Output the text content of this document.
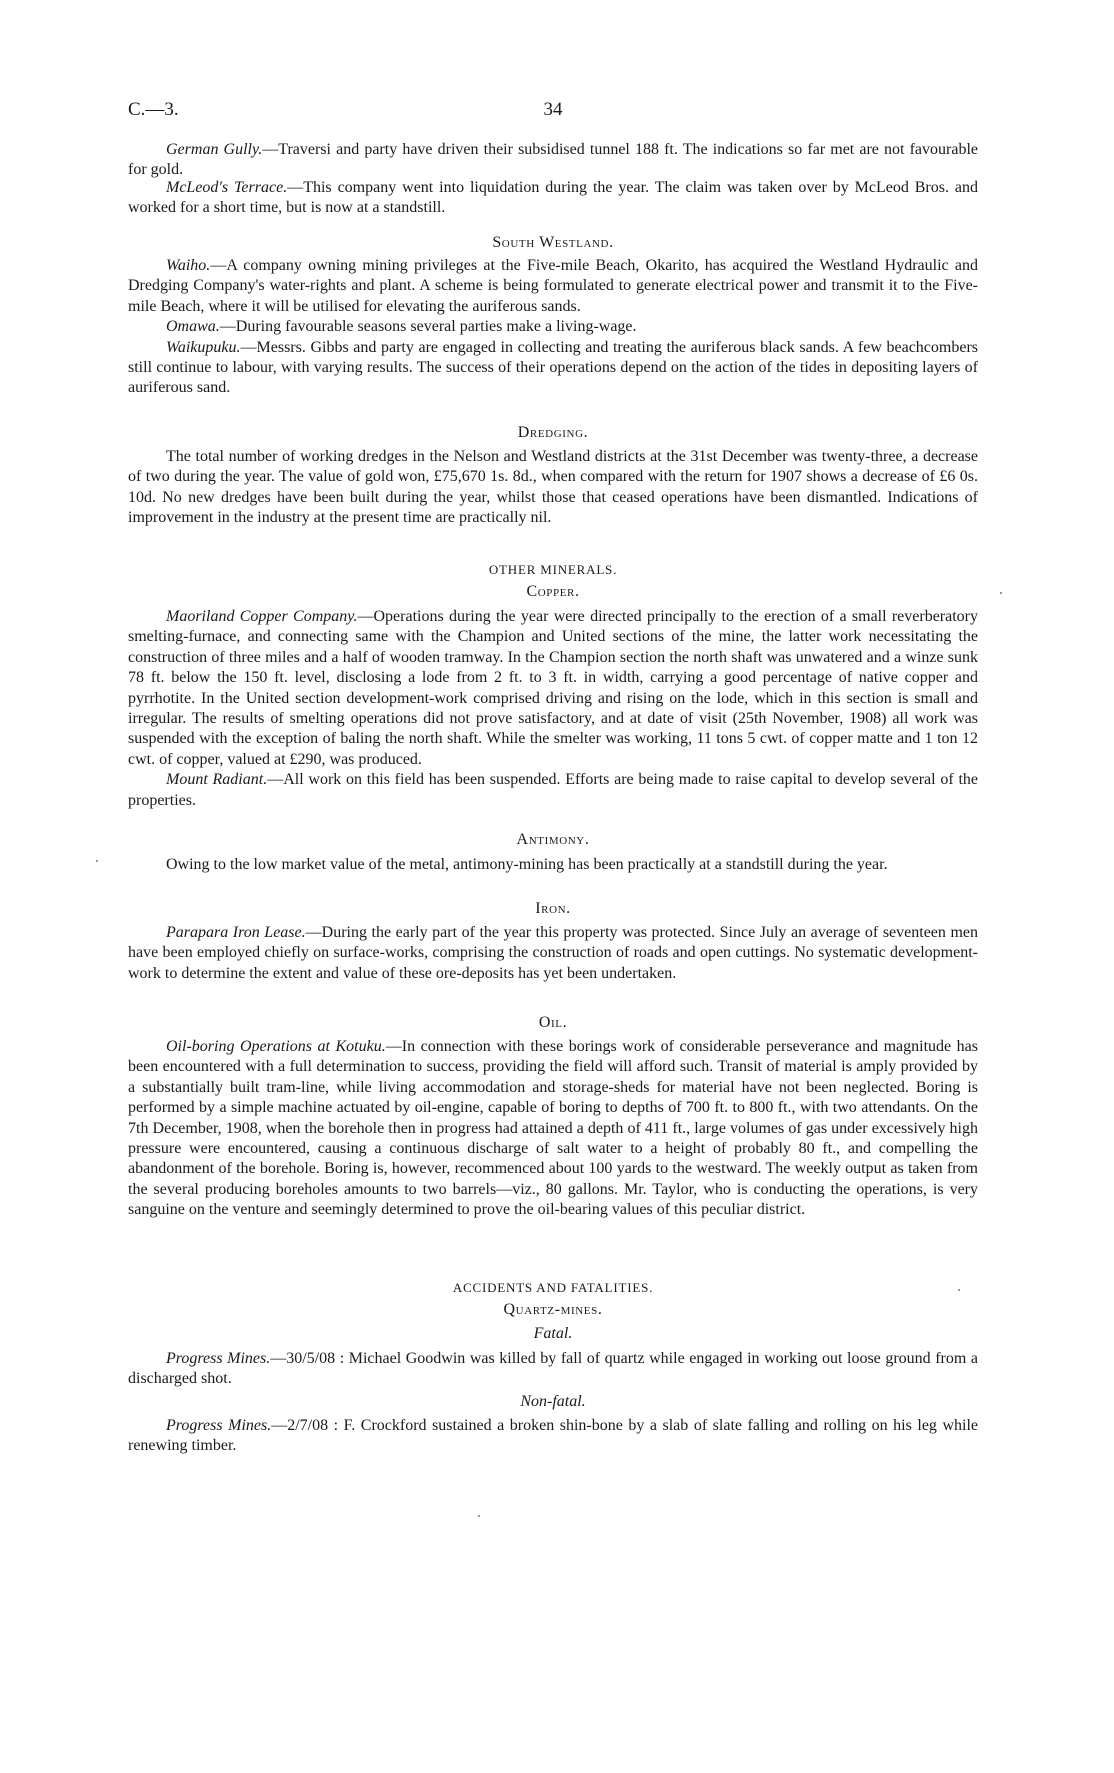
C.—3.	34

German Gully.—Traversi and party have driven their subsidised tunnel 188 ft. The indications so far met are not favourable for gold.

McLeod's Terrace.—This company went into liquidation during the year. The claim was taken over by McLeod Bros. and worked for a short time, but is now at a standstill.

South Westland.

Waiho.—A company owning mining privileges at the Five-mile Beach, Okarito, has acquired the Westland Hydraulic and Dredging Company's water-rights and plant. A scheme is being formulated to generate electrical power and transmit it to the Five-mile Beach, where it will be utilised for elevating the auriferous sands.

Omawa.—During favourable seasons several parties make a living-wage.

Waikupuku.—Messrs. Gibbs and party are engaged in collecting and treating the auriferous black sands. A few beachcombers still continue to labour, with varying results. The success of their operations depend on the action of the tides in depositing layers of auriferous sand.

Dredging.

The total number of working dredges in the Nelson and Westland districts at the 31st December was twenty-three, a decrease of two during the year. The value of gold won, £75,670 1s. 8d., when compared with the return for 1907 shows a decrease of £6 0s. 10d. No new dredges have been built during the year, whilst those that ceased operations have been dismantled. Indications of improvement in the industry at the present time are practically nil.

OTHER MINERALS.

Copper.

Maoriland Copper Company.—Operations during the year were directed principally to the erection of a small reverberatory smelting-furnace, and connecting same with the Champion and United sections of the mine, the latter work necessitating the construction of three miles and a half of wooden tramway. In the Champion section the north shaft was unwatered and a winze sunk 78 ft. below the 150 ft. level, disclosing a lode from 2 ft. to 3 ft. in width, carrying a good percentage of native copper and pyrrhotite. In the United section development-work comprised driving and rising on the lode, which in this section is small and irregular. The results of smelting operations did not prove satisfactory, and at date of visit (25th November, 1908) all work was suspended with the exception of baling the north shaft. While the smelter was working, 11 tons 5 cwt. of copper matte and 1 ton 12 cwt. of copper, valued at £290, was produced.

Mount Radiant.—All work on this field has been suspended. Efforts are being made to raise capital to develop several of the properties.

Antimony.

Owing to the low market value of the metal, antimony-mining has been practically at a standstill during the year.

Iron.

Parapara Iron Lease.—During the early part of the year this property was protected. Since July an average of seventeen men have been employed chiefly on surface-works, comprising the construction of roads and open cuttings. No systematic development-work to determine the extent and value of these ore-deposits has yet been undertaken.

Oil.

Oil-boring Operations at Kotuku.—In connection with these borings work of considerable perseverance and magnitude has been encountered with a full determination to success, providing the field will afford such. Transit of material is amply provided by a substantially built tram-line, while living accommodation and storage-sheds for material have not been neglected. Boring is performed by a simple machine actuated by oil-engine, capable of boring to depths of 700 ft. to 800 ft., with two attendants. On the 7th December, 1908, when the borehole then in progress had attained a depth of 411 ft., large volumes of gas under excessively high pressure were encountered, causing a continuous discharge of salt water to a height of probably 80 ft., and compelling the abandonment of the borehole. Boring is, however, recommenced about 100 yards to the westward. The weekly output as taken from the several producing boreholes amounts to two barrels—viz., 80 gallons. Mr. Taylor, who is conducting the operations, is very sanguine on the venture and seemingly determined to prove the oil-bearing values of this peculiar district.

ACCIDENTS AND FATALITIES.

Quartz-mines.

Fatal.

Progress Mines.—30/5/08 : Michael Goodwin was killed by fall of quartz while engaged in working out loose ground from a discharged shot.

Non-fatal.

Progress Mines.—2/7/08 : F. Crockford sustained a broken shin-bone by a slab of slate falling and rolling on his leg while renewing timber.
